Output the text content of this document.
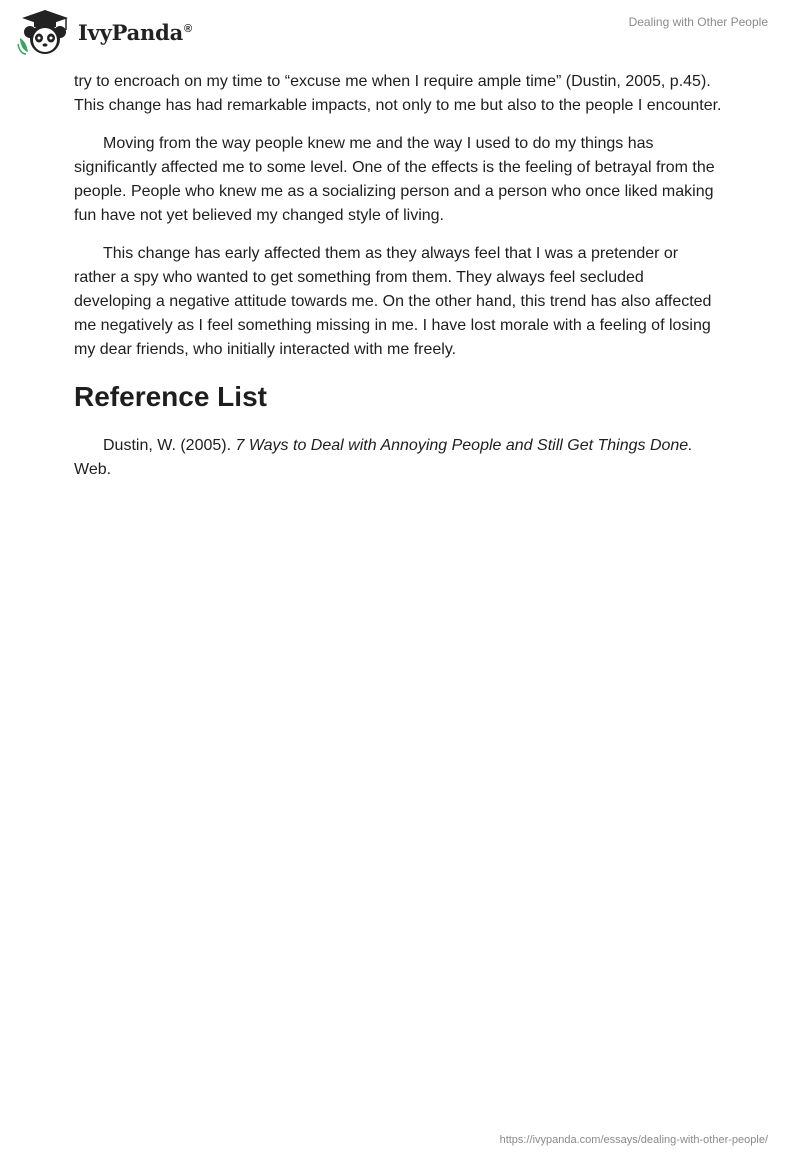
IvyPanda®	Dealing with Other People

try to encroach on my time to “excuse me when I require ample time” (Dustin, 2005, p.45). This change has had remarkable impacts, not only to me but also to the people I encounter.

Moving from the way people knew me and the way I used to do my things has significantly affected me to some level. One of the effects is the feeling of betrayal from the people. People who knew me as a socializing person and a person who once liked making fun have not yet believed my changed style of living.

This change has early affected them as they always feel that I was a pretender or rather a spy who wanted to get something from them. They always feel secluded developing a negative attitude towards me. On the other hand, this trend has also affected me negatively as I feel something missing in me. I have lost morale with a feeling of losing my dear friends, who initially interacted with me freely.

Reference List

Dustin, W. (2005). 7 Ways to Deal with Annoying People and Still Get Things Done. Web.

https://ivypanda.com/essays/dealing-with-other-people/
